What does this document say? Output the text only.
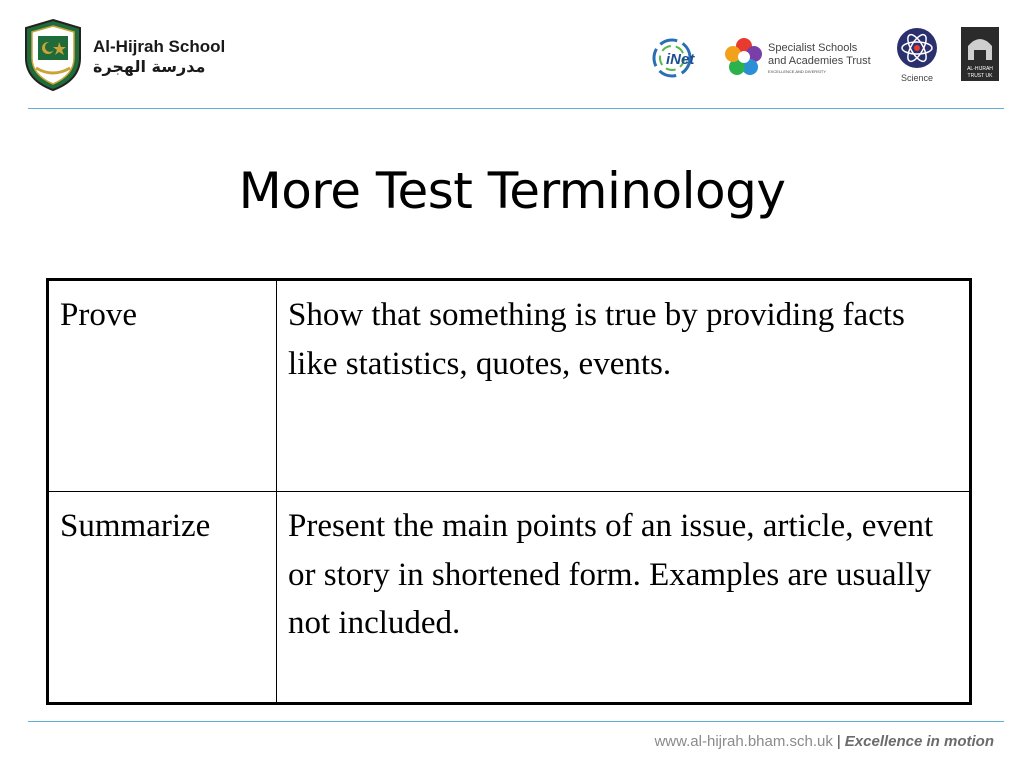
Al-Hijrah School
مدرسة الهجرة	iNet
Specialist Schools
and Academies Trust
EXCELLENCE AND DIVERSITY
Science
AL-HIJRAH
TRUST UK
More Test Terminology
Prove	Show that something is true by providing facts like statistics, quotes, events.
Summarize	Present the main points of an issue, article, event or story in shortened form. Examples are usually not included.
www.al-hijrah.bham.sch.uk | Excellence in motion
